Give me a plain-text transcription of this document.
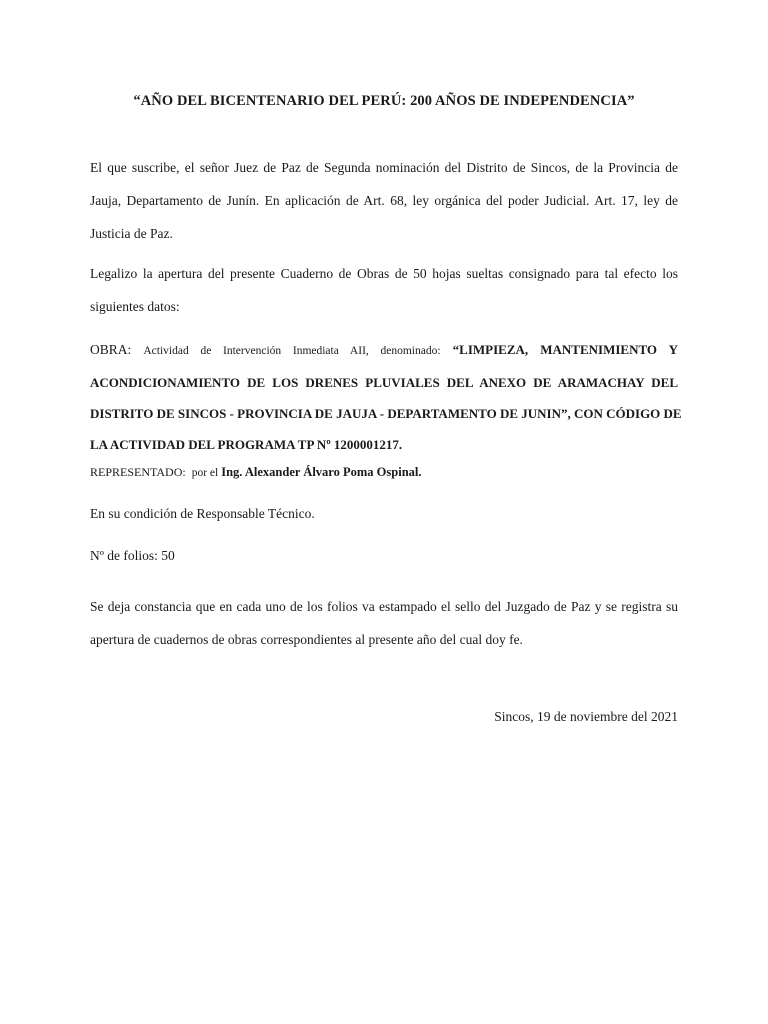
“AÑO DEL BICENTENARIO DEL PERÚ: 200 AÑOS DE INDEPENDENCIA”
El que suscribe, el señor Juez de Paz de Segunda nominación del Distrito de Sincos, de la Provincia de
Jauja, Departamento de Junín. En aplicación de Art. 68, ley orgánica del poder Judicial. Art. 17, ley de
Justicia de Paz.
Legalizo la apertura del presente Cuaderno de Obras de 50 hojas sueltas consignado para tal efecto los
siguientes datos:
OBRA: Actividad de Intervención Inmediata AII, denominado: “LIMPIEZA, MANTENIMIENTO Y
ACONDICIONAMIENTO DE LOS DRENES PLUVIALES DEL ANEXO DE ARAMACHAY DEL
DISTRITO DE SINCOS - PROVINCIA DE JAUJA - DEPARTAMENTO DE JUNIN”, CON CÓDIGO DE
LA ACTIVIDAD DEL PROGRAMA TP Nº 1200001217.
REPRESENTADO: por el Ing. Alexander Álvaro Poma Ospinal.
En su condición de Responsable Técnico.
Nº de folios: 50
Se deja constancia que en cada uno de los folios va estampado el sello del Juzgado de Paz y se registra su
apertura de cuadernos de obras correspondientes al presente año del cual doy fe.
Sincos, 19 de noviembre del 2021
